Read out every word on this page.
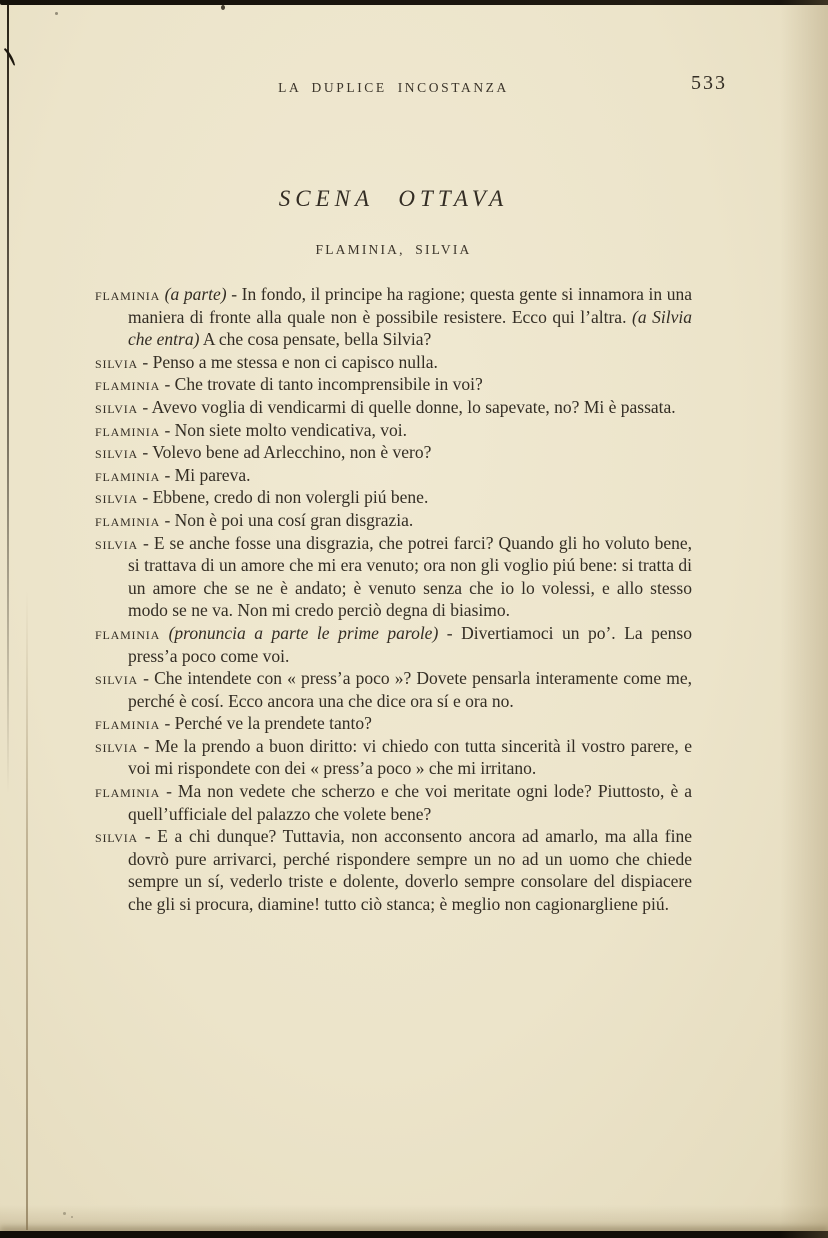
LA DUPLICE INCOSTANZA	533
SCENA OTTAVA
FLAMINIA, SILVIA

flaminia (a parte) - In fondo, il principe ha ragione; questa gente si innamora in una maniera di fronte alla quale non è possibile resistere. Ecco qui l’altra. (a Silvia che entra) A che cosa pensate, bella Silvia?

silvia - Penso a me stessa e non ci capisco nulla.

flaminia - Che trovate di tanto incomprensibile in voi?

silvia - Avevo voglia di vendicarmi di quelle donne, lo sapevate, no? Mi è passata.

flaminia - Non siete molto vendicativa, voi.

silvia - Volevo bene ad Arlecchino, non è vero?

flaminia - Mi pareva.

silvia - Ebbene, credo di non volergli piú bene.

flaminia - Non è poi una cosí gran disgrazia.

silvia - E se anche fosse una disgrazia, che potrei farci? Quando gli ho voluto bene, si trattava di un amore che mi era venuto; ora non gli voglio piú bene: si tratta di un amore che se ne è andato; è venuto senza che io lo volessi, e allo stesso modo se ne va. Non mi credo perciò degna di biasimo.

flaminia (pronuncia a parte le prime parole) - Divertiamoci un po’. La penso press’a poco come voi.

silvia - Che intendete con « press’a poco »? Dovete pensarla interamente come me, perché è cosí. Ecco ancora una che dice ora sí e ora no.

flaminia - Perché ve la prendete tanto?

silvia - Me la prendo a buon diritto: vi chiedo con tutta sincerità il vostro parere, e voi mi rispondete con dei « press’a poco » che mi irritano.

flaminia - Ma non vedete che scherzo e che voi meritate ogni lode? Piuttosto, è a quell’ufficiale del palazzo che volete bene?

silvia - E a chi dunque? Tuttavia, non acconsento ancora ad amarlo, ma alla fine dovrò pure arrivarci, perché rispondere sempre un no ad un uomo che chiede sempre un sí, vederlo triste e dolente, doverlo sempre consolare del dispiacere che gli si procura, diamine! tutto ciò stanca; è meglio non cagionargliene piú.
